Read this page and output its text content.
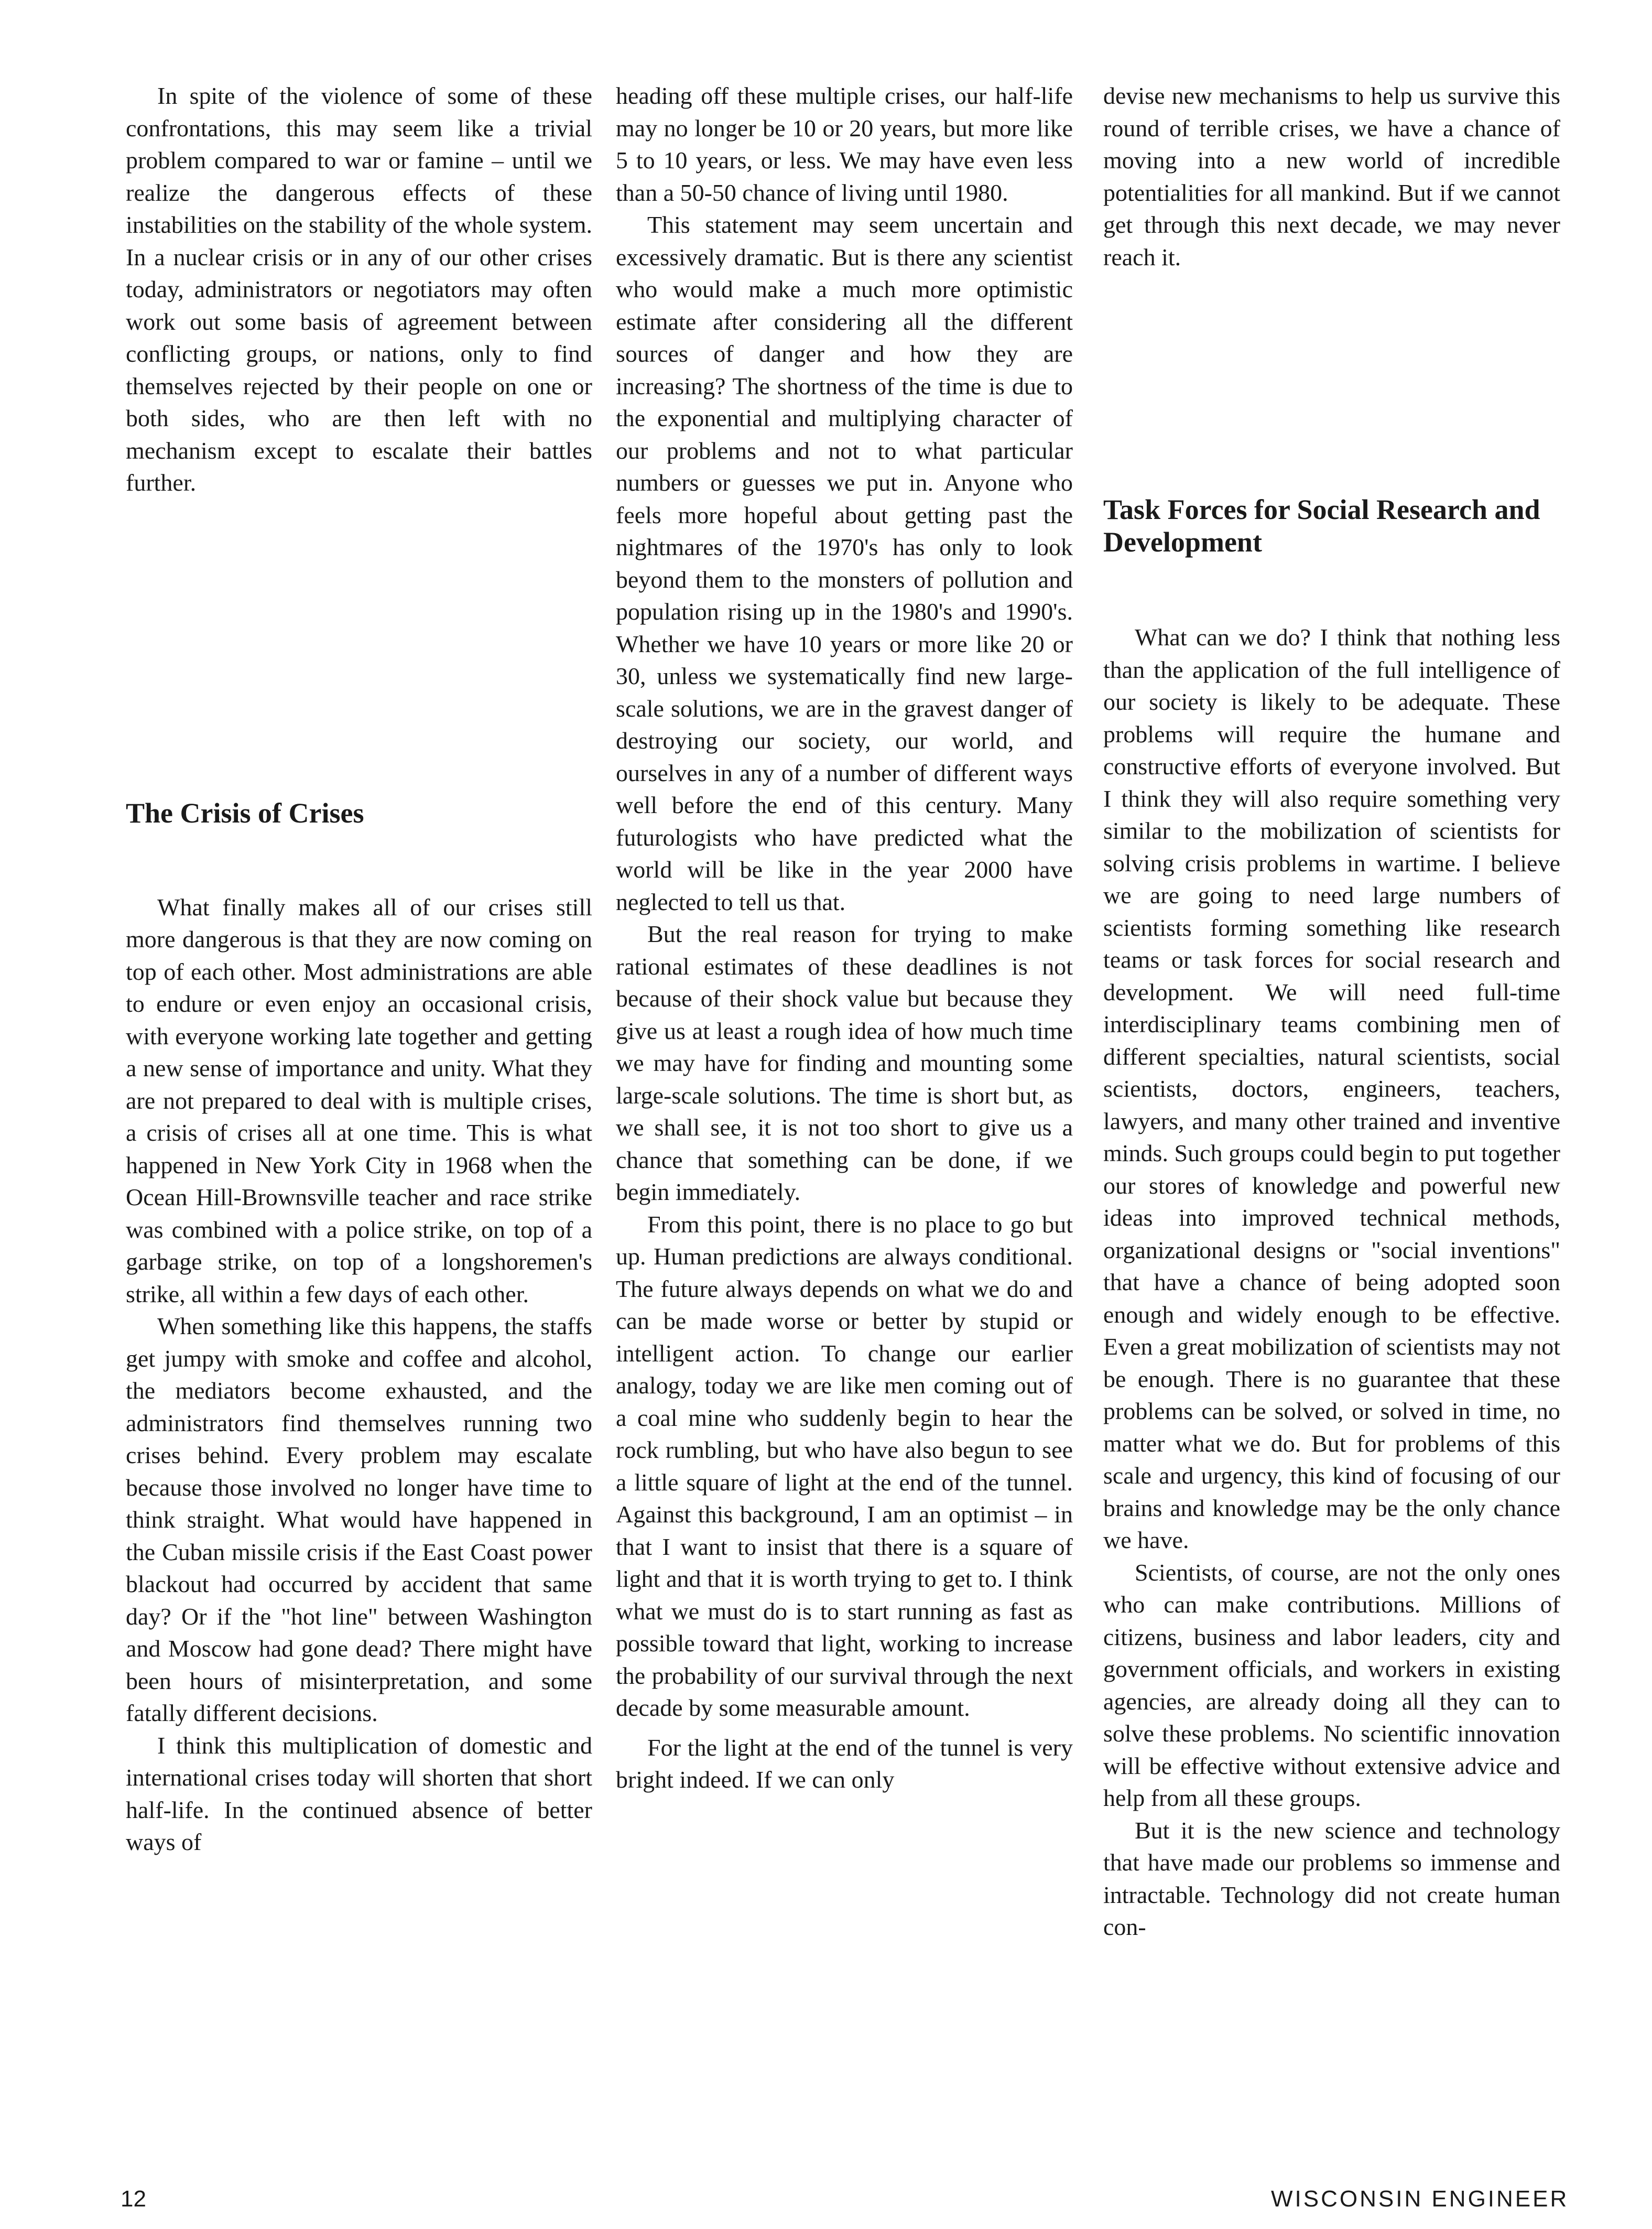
In spite of the violence of some of these confrontations, this may seem like a trivial problem compared to war or famine – until we realize the dangerous effects of these instabilities on the stability of the whole system. In a nuclear crisis or in any of our other crises today, administrators or negotiators may often work out some basis of agreement between conflicting groups, or nations, only to find themselves rejected by their people on one or both sides, who are then left with no mechanism except to escalate their battles further.

The Crisis of Crises

What finally makes all of our crises still more dangerous is that they are now coming on top of each other. Most administrations are able to endure or even enjoy an occasional crisis, with everyone working late together and getting a new sense of importance and unity. What they are not prepared to deal with is multiple crises, a crisis of crises all at one time. This is what happened in New York City in 1968 when the Ocean Hill-Brownsville teacher and race strike was combined with a police strike, on top of a garbage strike, on top of a longshoremen's strike, all within a few days of each other.

When something like this happens, the staffs get jumpy with smoke and coffee and alcohol, the mediators become exhausted, and the administrators find themselves running two crises behind. Every problem may escalate because those involved no longer have time to think straight. What would have happened in the Cuban missile crisis if the East Coast power blackout had occurred by accident that same day? Or if the "hot line" between Washington and Moscow had gone dead? There might have been hours of misinterpretation, and some fatally different decisions.

I think this multiplication of domestic and international crises today will shorten that short half-life. In the continued absence of better ways of

heading off these multiple crises, our half-life may no longer be 10 or 20 years, but more like 5 to 10 years, or less. We may have even less than a 50-50 chance of living until 1980.

This statement may seem uncertain and excessively dramatic. But is there any scientist who would make a much more optimistic estimate after considering all the different sources of danger and how they are increasing? The shortness of the time is due to the exponential and multiplying character of our problems and not to what particular numbers or guesses we put in. Anyone who feels more hopeful about getting past the nightmares of the 1970's has only to look beyond them to the monsters of pollution and population rising up in the 1980's and 1990's. Whether we have 10 years or more like 20 or 30, unless we systematically find new large-scale solutions, we are in the gravest danger of destroying our society, our world, and ourselves in any of a number of different ways well before the end of this century. Many futurologists who have predicted what the world will be like in the year 2000 have neglected to tell us that.

But the real reason for trying to make rational estimates of these deadlines is not because of their shock value but because they give us at least a rough idea of how much time we may have for finding and mounting some large-scale solutions. The time is short but, as we shall see, it is not too short to give us a chance that something can be done, if we begin immediately.

From this point, there is no place to go but up. Human predictions are always conditional. The future always depends on what we do and can be made worse or better by stupid or intelligent action. To change our earlier analogy, today we are like men coming out of a coal mine who suddenly begin to hear the rock rumbling, but who have also begun to see a little square of light at the end of the tunnel. Against this background, I am an optimist – in that I want to insist that there is a square of light and that it is worth trying to get to. I think what we must do is to start running as fast as possible toward that light, working to increase the probability of our survival through the next decade by some measurable amount.

For the light at the end of the tunnel is very bright indeed. If we can only

devise new mechanisms to help us survive this round of terrible crises, we have a chance of moving into a new world of incredible potentialities for all mankind. But if we cannot get through this next decade, we may never reach it.

Task Forces for Social Research and Development

What can we do? I think that nothing less than the application of the full intelligence of our society is likely to be adequate. These problems will require the humane and constructive efforts of everyone involved. But I think they will also require something very similar to the mobilization of scientists for solving crisis problems in wartime. I believe we are going to need large numbers of scientists forming something like research teams or task forces for social research and development. We will need full-time interdisciplinary teams combining men of different specialties, natural scientists, social scientists, doctors, engineers, teachers, lawyers, and many other trained and inventive minds. Such groups could begin to put together our stores of knowledge and powerful new ideas into improved technical methods, organizational designs or "social inventions" that have a chance of being adopted soon enough and widely enough to be effective. Even a great mobilization of scientists may not be enough. There is no guarantee that these problems can be solved, or solved in time, no matter what we do. But for problems of this scale and urgency, this kind of focusing of our brains and knowledge may be the only chance we have.

Scientists, of course, are not the only ones who can make contributions. Millions of citizens, business and labor leaders, city and government officials, and workers in existing agencies, are already doing all they can to solve these problems. No scientific innovation will be effective without extensive advice and help from all these groups.

But it is the new science and technology that have made our problems so immense and intractable. Technology did not create human con-

12	WISCONSIN ENGINEER
